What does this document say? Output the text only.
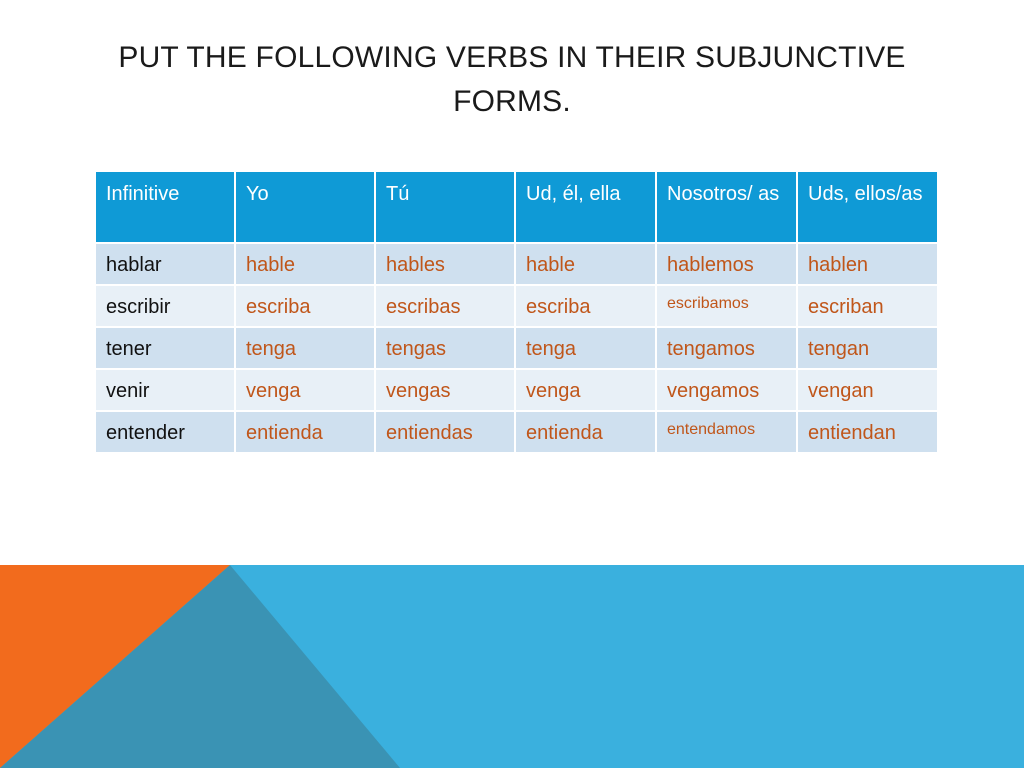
PUT THE FOLLOWING VERBS IN THEIR SUBJUNCTIVE FORMS.
Infinitive	Yo	Tú	Ud, él, ella	Nosotros/ as	Uds, ellos/as
hablar	hable	hables	hable	hablemos	hablen
escribir	escriba	escribas	escriba	escribamos	escriban
tener	tenga	tengas	tenga	tengamos	tengan
venir	venga	vengas	venga	vengamos	vengan
entender	entienda	entiendas	entienda	entendamos	entiendan
